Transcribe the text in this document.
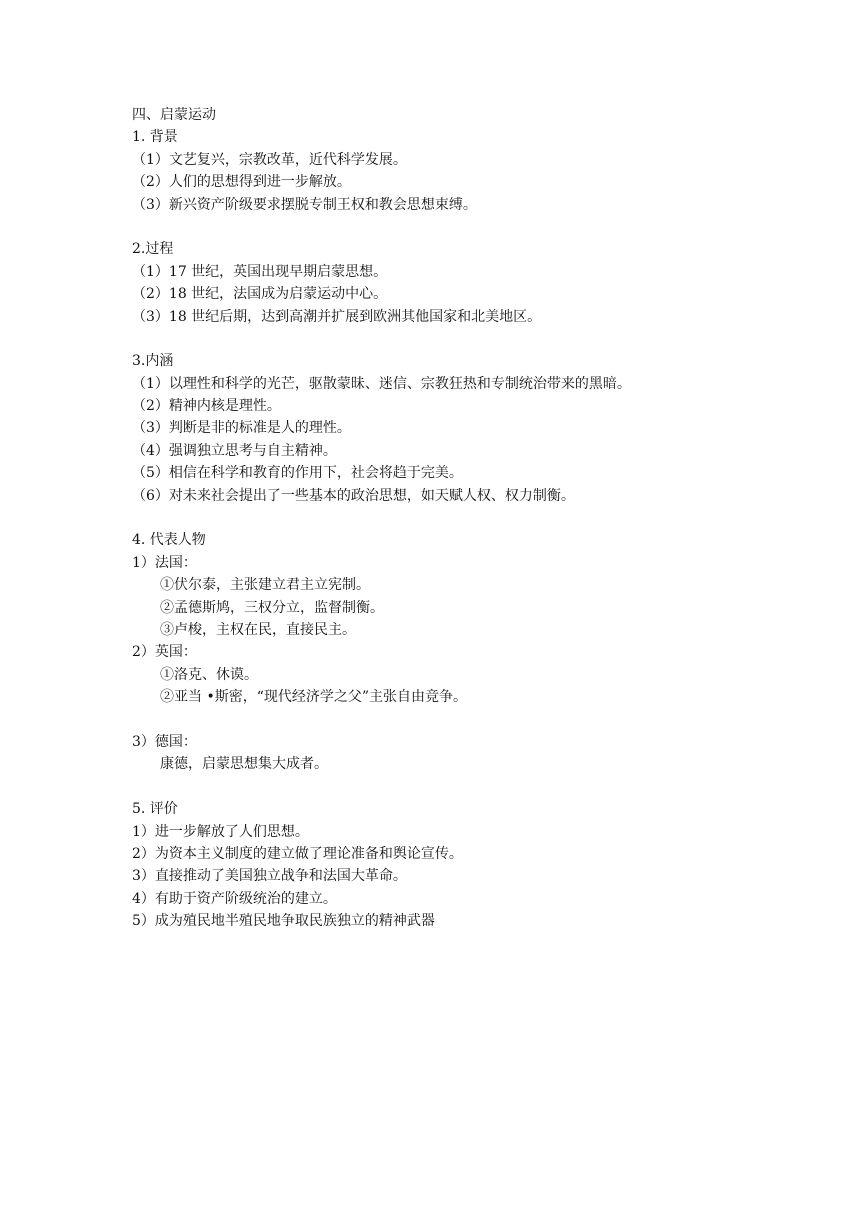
四、启蒙运动
1. 背景
（1）文艺复兴，宗教改革，近代科学发展。
（2）人们的思想得到进一步解放。
（3）新兴资产阶级要求摆脱专制王权和教会思想束缚。
2.过程
（1）17 世纪，英国出现早期启蒙思想。
（2）18 世纪，法国成为启蒙运动中心。
（3）18 世纪后期，达到高潮并扩展到欧洲其他国家和北美地区。
3.内涵
（1）以理性和科学的光芒，驱散蒙昧、迷信、宗教狂热和专制统治带来的黑暗。
（2）精神内核是理性。
（3）判断是非的标准是人的理性。
（4）强调独立思考与自主精神。
（5）相信在科学和教育的作用下，社会将趋于完美。
（6）对未来社会提出了一些基本的政治思想，如天赋人权、权力制衡。
4. 代表人物
1）法国：
①伏尔泰，主张建立君主立宪制。
②孟德斯鸠，三权分立，监督制衡。
③卢梭，主权在民，直接民主。
2）英国：
①洛克、休谟。
②亚当 •斯密，“现代经济学之父”主张自由竞争。
3）德国：
康德，启蒙思想集大成者。
5. 评价
1）进一步解放了人们思想。
2）为资本主义制度的建立做了理论准备和舆论宣传。
3）直接推动了美国独立战争和法国大革命。
4）有助于资产阶级统治的建立。
5）成为殖民地半殖民地争取民族独立的精神武器
